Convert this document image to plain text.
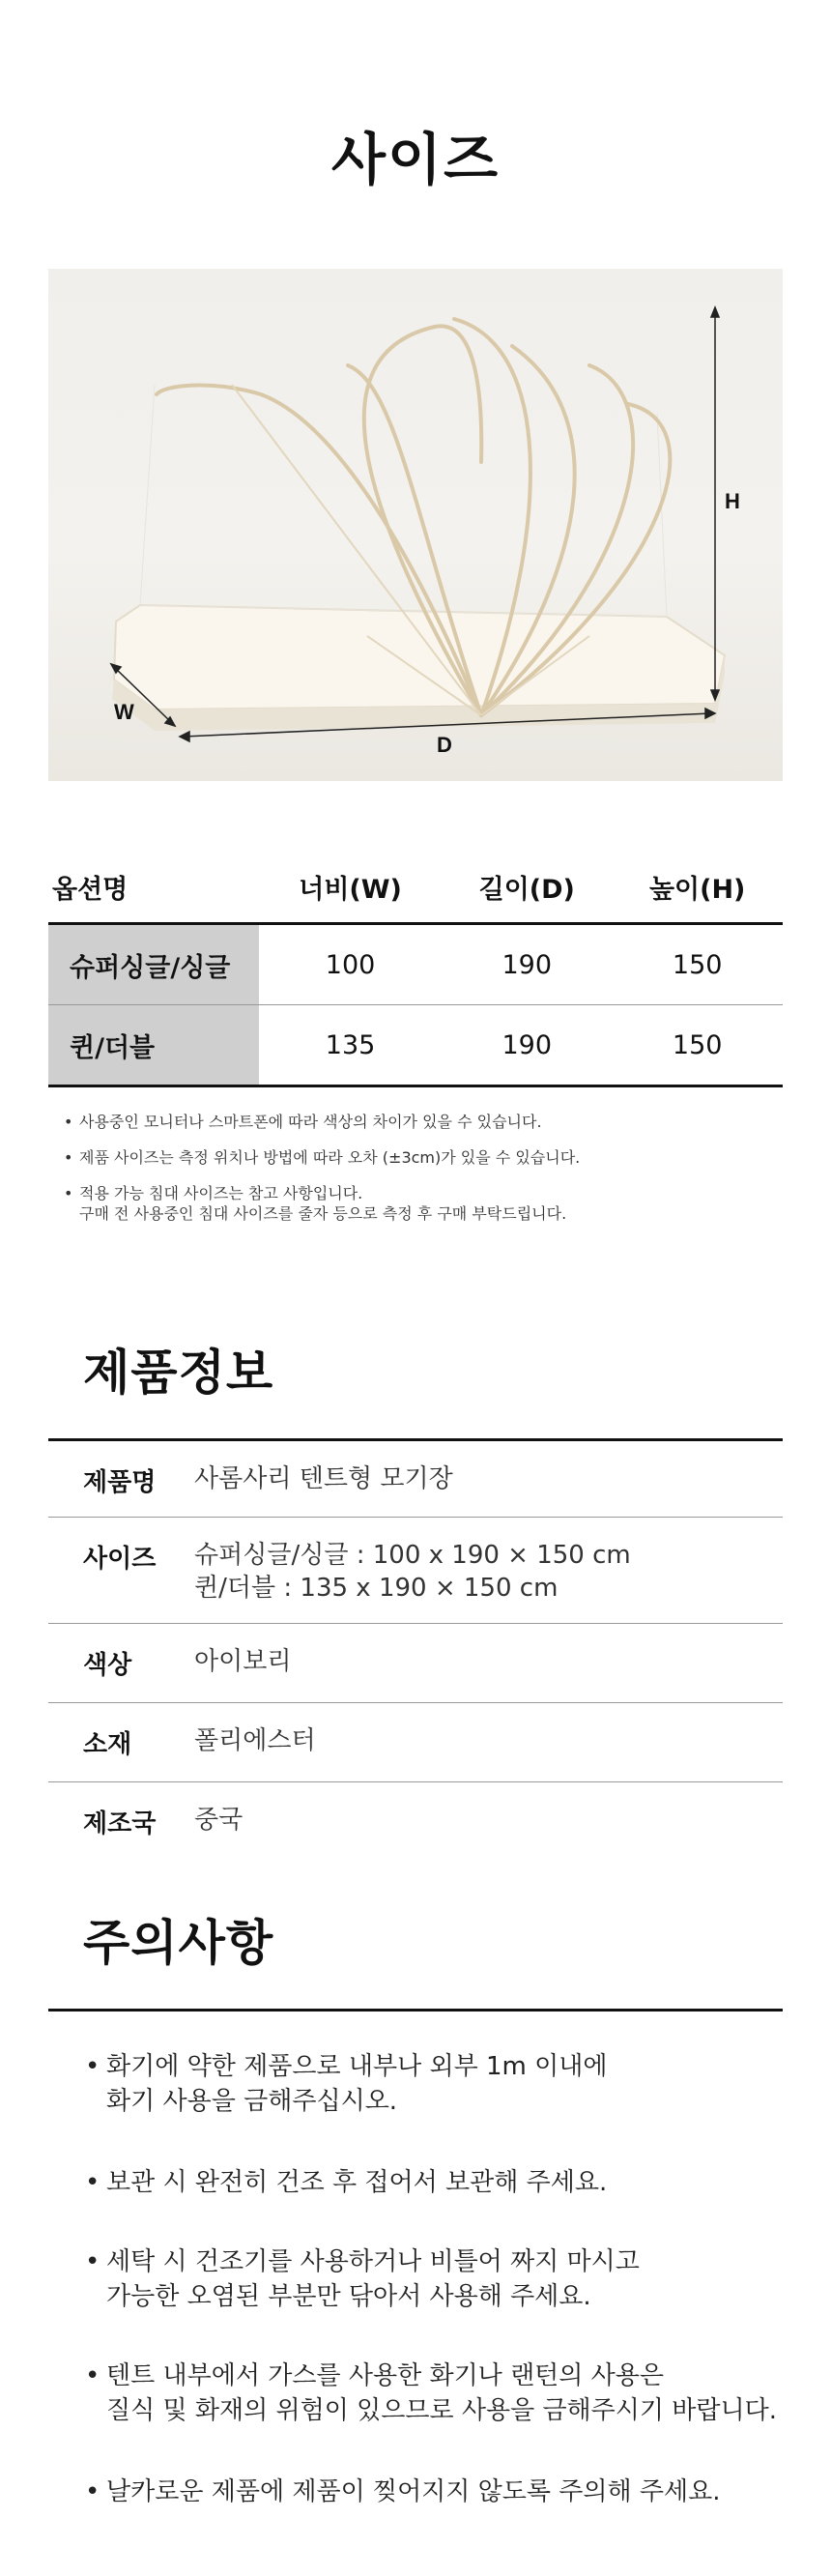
사이즈
H
W
D
옵션명	너비(W)	길이(D)	높이(H)
슈퍼싱글/싱글	100	190	150
퀸/더블	135	190	150
• 사용중인 모니터나 스마트폰에 따라 색상의 차이가 있을 수 있습니다.
• 제품 사이즈는 측정 위치나 방법에 따라 오차 (±3cm)가 있을 수 있습니다.
• 적용 가능 침대 사이즈는 참고 사항입니다.
구매 전 사용중인 침대 사이즈를 줄자 등으로 측정 후 구매 부탁드립니다.
제품정보
제품명	사롬사리 텐트형 모기장

사이즈	슈퍼싱글/싱글 : 100 x 190 × 150 cm
퀸/더블 : 135 x 190 × 150 cm

색상	아이보리

소재	폴리에스터

제조국	중국
주의사항
• 화기에 약한 제품으로 내부나 외부 1m 이내에
화기 사용을 금해주십시오.
• 보관 시 완전히 건조 후 접어서 보관해 주세요.
• 세탁 시 건조기를 사용하거나 비틀어 짜지 마시고
가능한 오염된 부분만 닦아서 사용해 주세요.
• 텐트 내부에서 가스를 사용한 화기나 랜턴의 사용은
질식 및 화재의 위험이 있으므로 사용을 금해주시기 바랍니다.
• 날카로운 제품에 제품이 찢어지지 않도록 주의해 주세요.
